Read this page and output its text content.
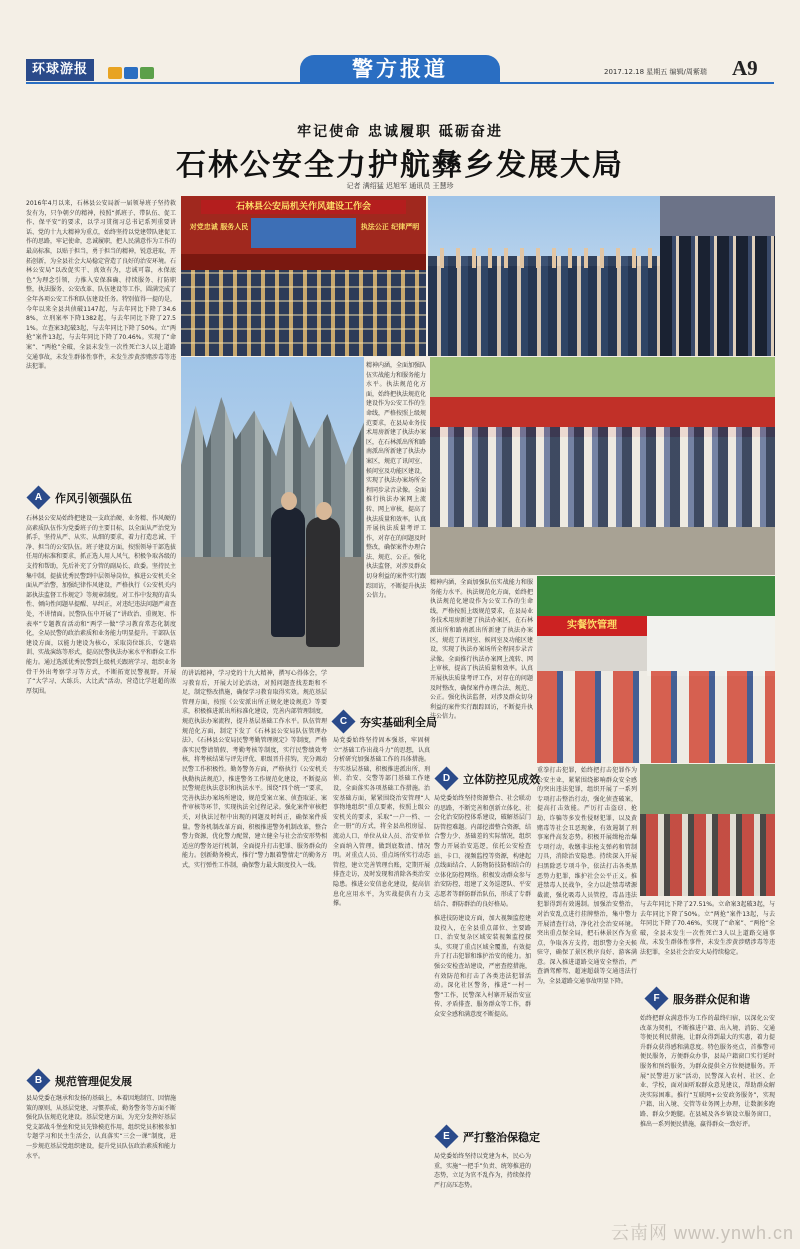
环球游报	警方报道	2017.12.18 星期五 编辑/周紫瑞 A9
牢记使命 忠诚履职 砥砺奋进
石林公安全力护航彝乡发展大局
记者 满绍猛 迟旭军 通讯员 王慧珍
石林县公安局机关作风建设工作会
对党忠诚 服务人民	执法公正 纪律严明
实餐饮管理
2016年4月以来，石林县公安局新一届领导班子坚持救发有为，只争朝夕的精神，按照“抓班子、带队伍、促工作、保平安”的要求，以学习贯彻习总书记系列重要讲话、党的十九大精神为重点，始终坚持以党建带队建促工作的思路，牢记使命，忠诚履职，把人民满意作为工作的最高标准，以贴于担当，勇于担当的精神，锐意进取，开拓创新，为全县社会大局稳定营造了良好的治安环境。石林公安局“以改促实干、真效有为，忠诚可靠，永保底色”为理念引领，力推入安保准确、持续服务、打防职整，执法服务、公安改革、队伍建设等工作，圆满完成了全年各项公安工作和队伍建设任务。特别值得一提的是，今年以来全县共侦破1147起，与去年同比下降了34.68%，立刑案率下降1382起，与去年同比下降了27.51%。立查案3起破3起，与去年同比下降了50%。立“两抢”案件13起，与去年同比下降了70.46%。实现了“命案”、“两抢”全破，全县未发生一次性死亡3人以上道路交通事故，未发生群体性事件，未发生涉黄涉赌涉毒等违法犯罪。
A	作风引领强队伍
石林县公安局始终把建设一支政治硬、业务精、作风硬的高素质队伍作为党委班子的主要目标，以全面从严治党为抓手，坚持从严、从实、从细的要求，着力打造忠诚、干净、担当的公安队伍。班子建设方面，按照领导干部选拔任用的标准和要求，抓正选人用人风气，积极争取各级的支持和帮助，先后补充了分管的副局长、政委。坚持民主集中制，提拔优秀民警到中层领导岗位，推进公安机关全面从严治警，加强纪律作风建设，严格执行《公安机关内部执法监督工作规定》等规章制度。对工作中发现的苗头性、倾向性问题早提醒、早纠正，对违纪违法问题严肃查处，不讲情面。民警队伍中开展了“讲政治、重规矩、作表率”专题教育活动和“两学一做”学习教育常态化制度化，全局民警的政治素质和业务能力明显提升。干部队伍建设方面，以能力建设为核心，采取岗位练兵、专题培训、实战演练等形式，提高民警执法办案水平和群众工作能力。通过选派优秀民警到上级机关跟班学习、组织业务骨干外出考察学习等方式，不断拓宽民警视野。开展了“大学习、大练兵、大比武”活动，营造比学赶超的浓厚氛围。
B	规范管理促发展
县局党委在继承和发扬的基础上，本着因地制宜、因情施策的原则，从基层党建、习惯养成、勤务警务等方面不断强化队伍规范化建设。基层党建方面，为充分发挥好基层党支部战斗堡垒和党员先锋模范作用，组织党员积极参加专题学习和民主生活会，认真落实“三会一课”制度，进一步规范基层党组织建设，提升党员队伍政治素质和能力水平。
的讲话精神，学习党的十九大精神，撰写心得体会，学习教育后，开展大讨论活动，对照问题查找差距和不足，制定整改措施，确保学习教育取得实效。规范基层管理方面，按照《公安派出所正规化建设规范》等要求，积极推进派出所标准化建设，完善内部管理制度，规范执法办案流程，提升基层基础工作水平。队伍管理规范化方面，制定下发了《石林县公安局队伍管理办法》、《石林县公安局民警考勤管理规定》等制度，严格落实民警请销假、考勤考核等制度，实行民警绩效考核，将考核结果与评先评优、职级晋升挂钩，充分调动民警工作积极性。勤务警务方面，严格执行《公安机关执勤执法规范》，推进警务工作规范化建设，不断提高民警规范执法意识和执法水平。围绕“四个统一”要求，完善执法办案场所建设，规范受案立案、侦查取证、案件审核等环节，实现执法全过程记录。强化案件审核把关，对执法过程中出现的问题及时纠正，确保案件质量。警务机制改革方面，积极推进警务机制改革，整合警力资源，优化警力配置，建立健全与社会治安形势相适应的警务运行机制，全面提升打击犯罪、服务群众的能力。创新勤务模式，推行“警力跟着警情走”的勤务方式，实行弹性工作制，确保警力最大限度投入一线。
精神内涵，全面加强队伍实战能力和服务能力水平。执法规范化方面，始终把执法规范化建设作为公安工作的生命线，严格按照上级规范要求，在县局业务技术用房新建了执法办案区，在石林派出所和路南派出所新建了执法办案区，规范了讯问室、候问室及功能区建设，实现了执法办案场所全程同步录音录像。全面推行执法办案网上流转、网上审核，提高了执法质量和效率。认真开展执法质量考评工作，对存在的问题及时整改，确保案件办理合法、规范、公正。强化执法监督，对涉及群众切身利益的案件实行跟踪回访，不断提升执法公信力。
精神内涵，全面加强队伍实战能力和服务能力水平。执法规范化方面，始终把执法规范化建设作为公安工作的生命线，严格按照上级规范要求，在县局业务技术用房新建了执法办案区，在石林派出所和路南派出所新建了执法办案区，规范了讯问室、候问室及功能区建设，实现了执法办案场所全程同步录音录像。全面推行执法办案网上流转、网上审核，提高了执法质量和效率。认真开展执法质量考评工作，对存在的问题及时整改，确保案件办理合法、规范、公正。强化执法监督，对涉及群众切身利益的案件实行跟踪回访，不断提升执法公信力。
C	夯实基础利全局
局党委始终坚持固本强基，牢固树立“基础工作出战斗力”的思想，认真分析研究加强基础工作的具体措施。夯实基层基础，积极推进派出所、刑侦、治安、交警等部门基础工作建设，全面落实各项基础工作措施。治安基础方面，紧紧围绕治安管理“人事物地组织”重点要素，按照上级公安机关的要求，采取“一户一档、一企一册”的方式，将全县出租房屋、流动人口、单位从业人员、治安单位全面纳入管理，做到底数清、情况明。对重点人员、重点场所实行动态管控，建立完善管理台账，定期开展排查走访，及时发现和消除各类治安隐患。推进公安信息化建设，提高信息化应用水平，为实战提供有力支撑。
D	立体防控见成效
局党委始终坚持资源整合、社会联动的思路，不断完善和创新立体化、社会化治安防控体系建设，破解基层门防管控难题。内部挖潜整合资源，结合警力少、基础差的实际情况，组织警力开展治安巡逻，依托公安检查站、卡口、视频监控等资源，构建起点线面结合、人防物防技防相结合的立体化防控网络。积极发动群众参与治安防控，组建了义务巡逻队、平安志愿者等群防群治队伍，形成了专群结合、群防群治的良好格局。
推进技防建设方面，加大视频监控建设投入，在全县重点部位、主要路口、治安复杂区域安装视频监控探头，实现了重点区域全覆盖，有效提升了打击犯罪和维护治安的能力。加强公安检查站建设，严密查控措施，有效防范和打击了各类违法犯罪活动。深化社区警务，推进“一村一警”工作，民警深入村寨开展治安宣传、矛盾排查、服务群众等工作，群众安全感和满意度不断提高。
E	严打整治保稳定
局党委始终坚持以党建为本，民心为重，实施“一把手”负责、统筹推进的态势，立足为官不乱作为，持续保持严打高压态势。
重拳打击犯罪，始终把打击犯罪作为公安主业，紧紧围绕影响群众安全感的突出违法犯罪，组织开展了一系列专项打击整治行动，强化侦查破案，提高打击效能。严厉打击盗窃、抢劫、诈骗等多发性侵财犯罪，以及黄赌毒等社会丑恶现象，有效遏制了刑事案件高发态势。积极开展缉枪治爆专项行动，收缴非法枪支弹药和管制刀具，消除治安隐患。持续深入开展扫黑除恶专项斗争，依法打击各类黑恶势力犯罪，维护社会公平正义。推进禁毒人民战争，全力以赴禁毒堵源截流，强化吸毒人员管控，毒品违法犯罪得到有效遏制。加强治安整治，对治安乱点进行挂牌整治，集中警力开展清查行动，净化社会治安环境。突出重点保全局，把石林景区作为重点，争取各方支持，组织警力全天候驻守，确保了景区秩序良好、游客满意。深入推进道路交通安全整治，严查酒驾醉驾、超速超载等交通违法行为，全县道路交通事故明显下降。
与去年同比下降了27.51%。立命案3起破3起，与去年同比下降了50%。立“两抢”案件13起，与去年同比下降了70.46%，实现了“命案”、“两抢”全破，全县未发生一次性死亡3人以上道路交通事故，未发生群体性事件，未发生涉黄涉赌涉毒等违法犯罪，全县社会治安大局持续稳定。
F	服务群众促和谐
始终把群众满意作为工作的最终归宿，以深化公安改革为契机，不断推进户籍、出入境、消防、交通等便民利民措施，让群众得到最大的实惠，着力提升群众获得感和满意度。特色服务亮点，首推警司便民服务，方便群众办事，县局户籍窗口实行延时服务和预约服务，为群众提供全方位便捷服务。开展“民警进万家”活动，民警深入农村、社区、企业、学校，面对面听取群众意见建议，帮助群众解决实际困难。推行“互联网+公安政务服务”，实现户籍、出入境、交管等业务网上办理，让数据多跑路、群众少跑腿。在县城及各乡镇设立服务窗口，推出一系列便民措施，赢得群众一致好评。
云南网 www.ynwh.cn
